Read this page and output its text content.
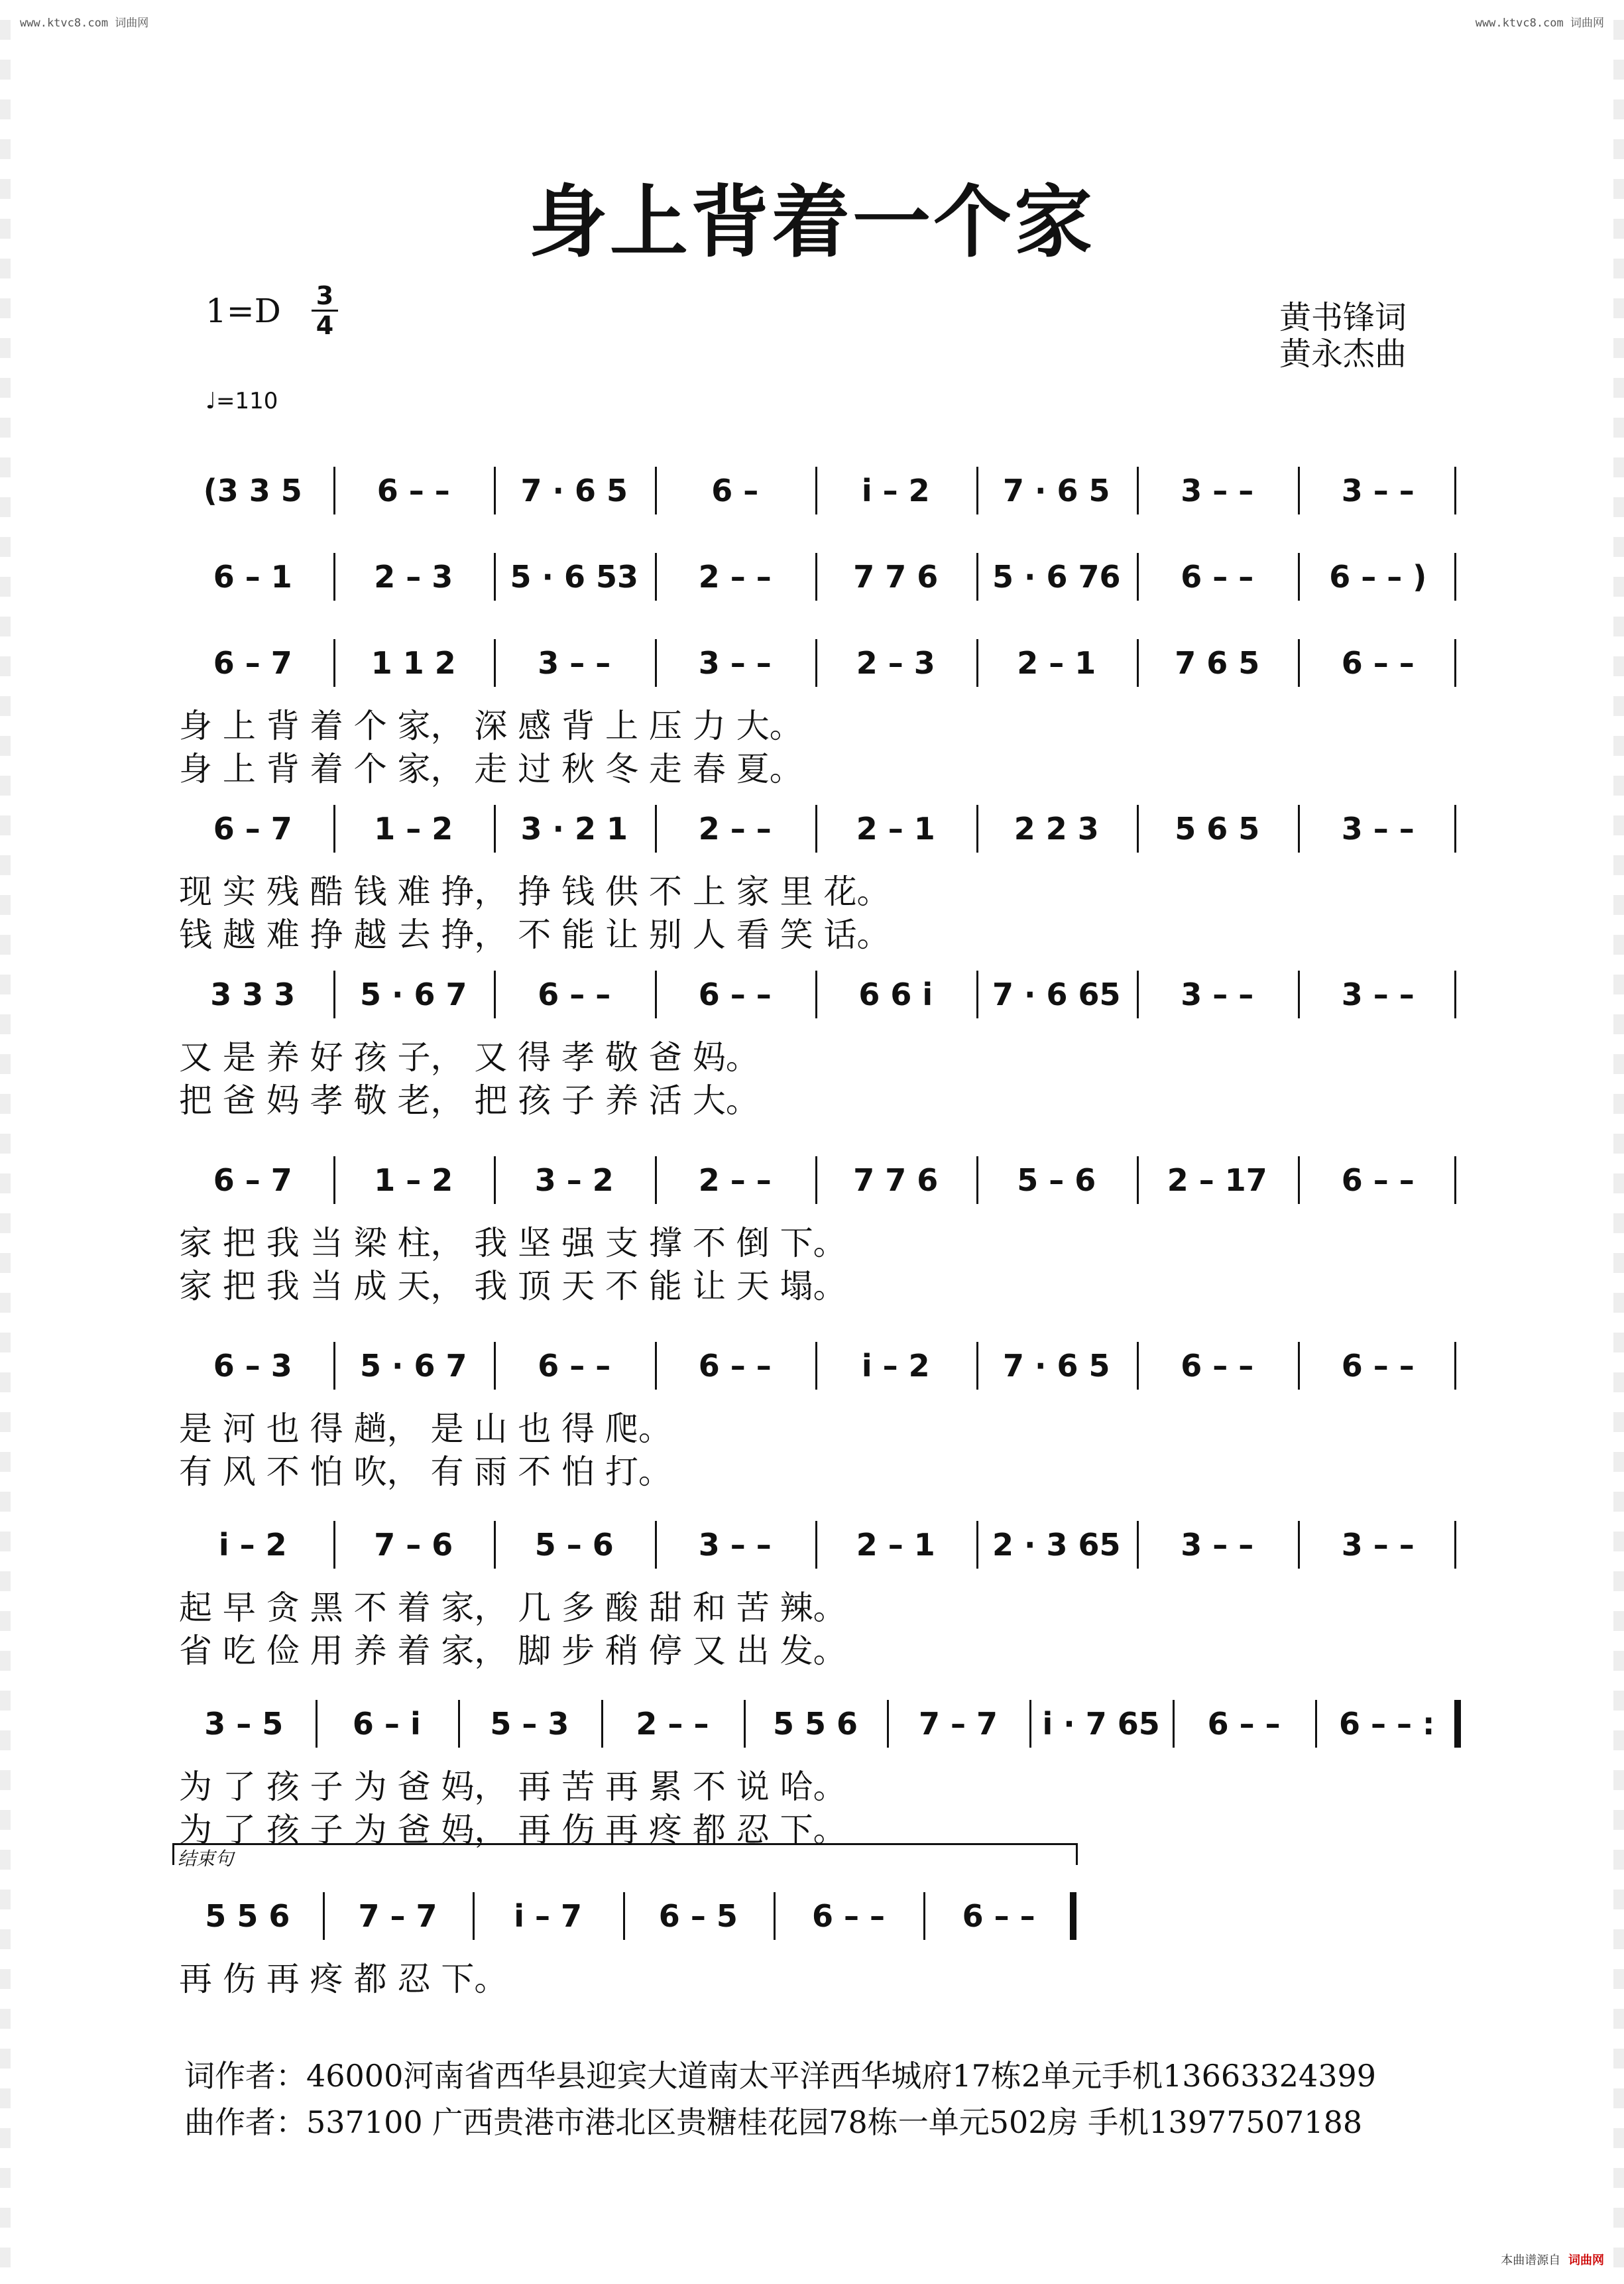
www.ktvc8.com 词曲网	www.ktvc8.com 词曲网
身上背着一个家
1=D 3
4	黄书锋词
黄永杰曲
♩=110
(3 3 5	6 – –	7 · 6 5	6 –	i – 2	7 · 6 5	3 – –	3 – –
6 – 1	2 – 3	5 · 6 53	2 – –	7 7 6	5 · 6 76	6 – –	6 – – )
6 – 7	1 1 2	3 – –	3 – –	2 – 3	2 – 1	7 6 5	6 – –
身 上 背 着 个 家， 深 感 背 上 压 力 大。
身 上 背 着 个 家， 走 过 秋 冬 走 春 夏。
6 – 7	1 – 2	3 · 2 1	2 – –	2 – 1	2 2 3	5 6 5	3 – –
现 实 残 酷 钱 难 挣， 挣 钱 供 不 上 家 里 花。
钱 越 难 挣 越 去 挣， 不 能 让 别 人 看 笑 话。
3 3 3	5 · 6 7	6 – –	6 – –	6 6 i	7 · 6 65	3 – –	3 – –
又 是 养 好 孩 子， 又 得 孝 敬 爸 妈。
把 爸 妈 孝 敬 老， 把 孩 子 养 活 大。
6 – 7	1 – 2	3 – 2	2 – –	7 7 6	5 – 6	2 – 17	6 – –
家 把 我 当 梁 柱， 我 坚 强 支 撑 不 倒 下。
家 把 我 当 成 天， 我 顶 天 不 能 让 天 塌。
6 – 3	5 · 6 7	6 – –	6 – –	i – 2	7 · 6 5	6 – –	6 – –
是 河 也 得 趟， 是 山 也 得 爬。
有 风 不 怕 吹， 有 雨 不 怕 打。
i – 2	7 – 6	5 – 6	3 – –	2 – 1	2 · 3 65	3 – –	3 – –
起 早 贪 黑 不 着 家， 几 多 酸 甜 和 苦 辣。
省 吃 俭 用 养 着 家， 脚 步 稍 停 又 出 发。
3 – 5	6 – i	5 – 3	2 – –	5 5 6	7 – 7	i · 7 65	6 – –	6 – – :
为 了 孩 子 为 爸 妈， 再 苦 再 累 不 说 哈。
为 了 孩 子 为 爸 妈， 再 伤 再 疼 都 忍 下。
5 5 6	7 – 7	i – 7	6 – 5	6 – –	6 – –
再 伤 再 疼 都 忍 下。
结束句
词作者：46000河南省西华县迎宾大道南太平洋西华城府17栋2单元手机13663324399
曲作者：537100 广西贵港市港北区贵糖桂花园78栋一单元502房 手机13977507188
本曲谱源自 词曲网
